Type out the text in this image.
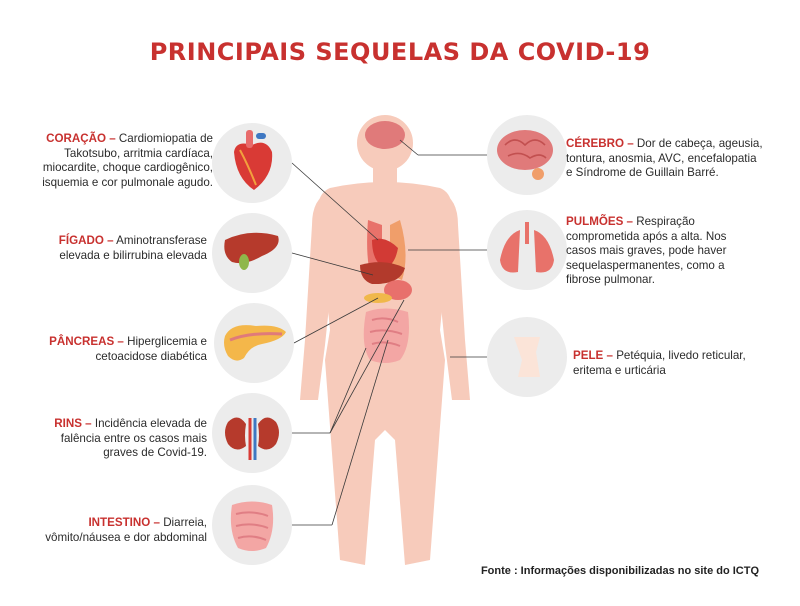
PRINCIPAIS SEQUELAS DA COVID-19
CORAÇÃO – Cardiomiopatia de Takotsubo, arritmia cardíaca, miocardite, choque cardiogênico, isquemia e cor pulmonale agudo.
FÍGADO – Aminotransferase elevada e bilirrubina elevada
PÂNCREAS – Hiperglicemia e cetoacidose diabética
RINS – Incidência elevada de falência entre os casos mais graves de Covid-19.
INTESTINO – Diarreia, vômito/náusea e dor abdominal
CÉREBRO – Dor de cabeça, ageusia, tontura, anosmia, AVC, encefalopatia e Síndrome de Guillain Barré.
PULMÕES – Respiração comprometida após a alta. Nos casos mais graves, pode haver sequelaspermanentes, como a fibrose pulmonar.
PELE – Petéquia, livedo reticular, eritema e urticária
Fonte : Informações disponibilizadas no site do ICTQ
